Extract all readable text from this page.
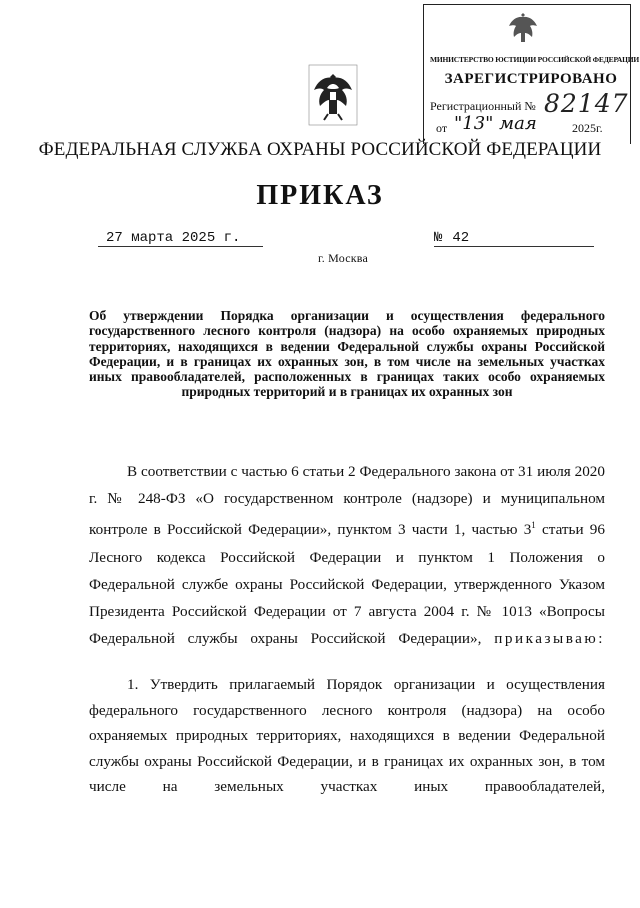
МИНИСТЕРСТВО ЮСТИЦИИ РОССИЙСКОЙ ФЕДЕРАЦИИ
ЗАРЕГИСТРИРОВАНО
Регистрационный № 82147
от "13" мая	2025г.
ФЕДЕРАЛЬНАЯ СЛУЖБА ОХРАНЫ РОССИЙСКОЙ ФЕДЕРАЦИИ
ПРИКАЗ
27 марта 2025 г.	№ 42
г. Москва
Об утверждении Порядка организации и осуществления федерального государственного лесного контроля (надзора) на особо охраняемых природных территориях, находящихся в ведении Федеральной службы охраны Российской Федерации, и в границах их охранных зон, в том числе на земельных участках иных правообладателей, расположенных в границах таких особо охраняемых природных территорий и в границах их охранных зон
В соответствии с частью 6 статьи 2 Федерального закона от 31 июля 2020 г. № 248-ФЗ «О государственном контроле (надзоре) и муниципальном контроле в Российской Федерации», пунктом 3 части 1, частью $3^1$ статьи 96 Лесного кодекса Российской Федерации и пунктом 1 Положения о Федеральной службе охраны Российской Федерации, утвержденного Указом Президента Российской Федерации от 7 августа 2004 г. № 1013 «Вопросы Федеральной службы охраны Российской Федерации», приказываю:
1. Утвердить прилагаемый Порядок организации и осуществления федерального государственного лесного контроля (надзора) на особо охраняемых природных территориях, находящихся в ведении Федеральной службы охраны Российской Федерации, и в границах их охранных зон, в том числе на земельных участках иных правообладателей,
